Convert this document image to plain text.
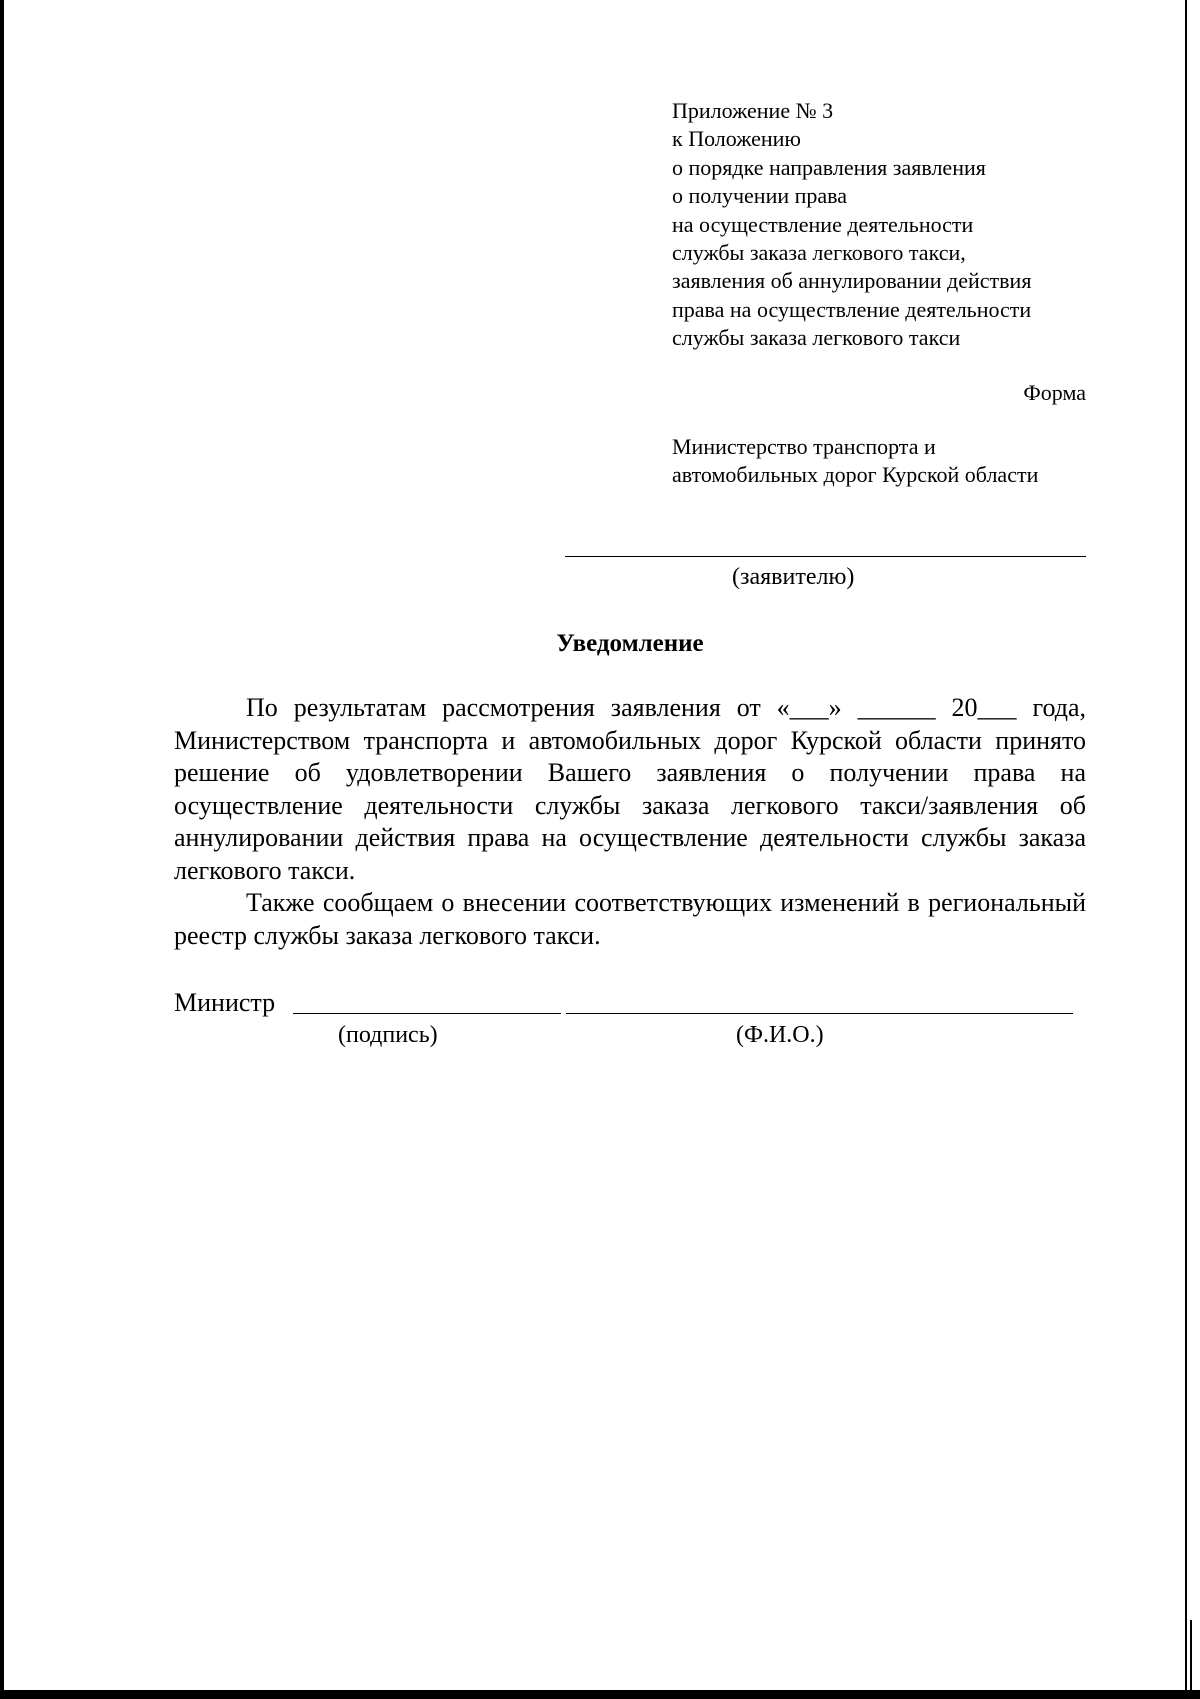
Приложение № 3
к Положению
о порядке направления заявления
о получении права
на осуществление деятельности
службы заказа легкового такси,
заявления об аннулировании действия
права на осуществление деятельности
службы заказа легкового такси
Форма
Министерство транспорта и
автомобильных дорог Курской области
(заявителю)
Уведомление

По результатам рассмотрения заявления от «___» ______ 20___ года, Министерством транспорта и автомобильных дорог Курской области принято решение об удовлетворении Вашего заявления о получении права на осуществление деятельности службы заказа легкового такси/заявления об аннулировании действия права на осуществление деятельности службы заказа легкового такси.

Также сообщаем о внесении соответствующих изменений в региональный реестр службы заказа легкового такси.

Министр
(подпись)	(Ф.И.О.)
